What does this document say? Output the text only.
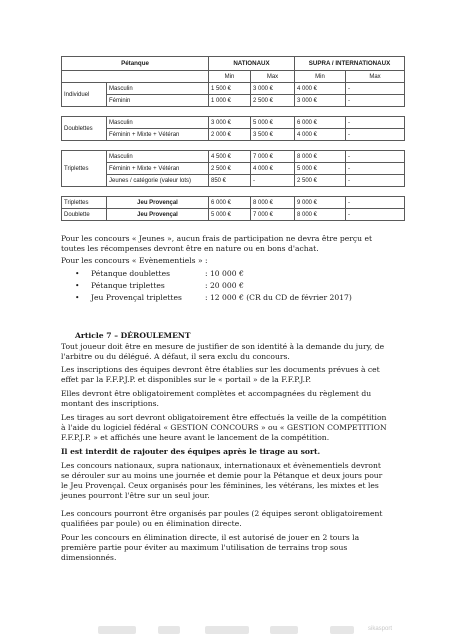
Pétanque		NATIONAUX		SUPRA / INTERNATIONAUX	
		Min	Max	Min	Max
Individuel	Masculin	1 500 €	3 000 €	4 000 €	-
	Féminin	1 000 €	2 500 €	3 000 €	-

Doublettes	Masculin	3 000 €	5 000 €	6 000 €	-
	Féminin + Mixte + Vétéran	2 000 €	3 500 €	4 000 €	-

Triplettes	Masculin	4 500 €	7 000 €	8 000 €	-
	Féminin + Mixte + Vétéran	2 500 €	4 000 €	5 000 €	-
	Jeunes / catégorie (valeur lots)	850 €	-	2 500 €	-

Triplettes	Jeu Provençal	6 000 €	8 000 €	9 000 €	-
Doublette	Jeu Provençal	5 000 €	7 000 €	8 000 €	-

Pour les concours « Jeunes », aucun frais de participation ne devra être perçu et toutes les récompenses devront être en nature ou en bons d'achat.

Pour les concours « Evènementiels » :

• Pétanque doublettes	: 10 000 €
• Pétanque triplettes	: 20 000 €
• Jeu Provençal triplettes	: 12 000 € (CR du CD de février 2017)
Article 7 – DÉROULEMENT

Tout joueur doit être en mesure de justifier de son identité à la demande du jury, de l'arbitre ou du délégué. A défaut, il sera exclu du concours.

Les inscriptions des équipes devront être établies sur les documents prévues à cet effet par la F.F.P.J.P. et disponibles sur le « portail » de la F.F.P.J.P.

Elles devront être obligatoirement complètes et accompagnées du règlement du montant des inscriptions.

Les tirages au sort devront obligatoirement être effectués la veille de la compétition à l'aide du logiciel fédéral « GESTION CONCOURS » ou « GESTION COMPETITION F.F.P.J.P. » et affichés une heure avant le lancement de la compétition.

Il est interdit de rajouter des équipes après le tirage au sort.

Les concours nationaux, supra nationaux, internationaux et évènementiels devront se dérouler sur au moins une journée et demie pour la Pétanque et deux jours pour le Jeu Provençal. Ceux organisés pour les féminines, les vétérans, les mixtes et les jeunes pourront l'être sur un seul jour.

Les concours pourront être organisés par poules (2 équipes seront obligatoirement qualifiées par poule) ou en élimination directe.

Pour les concours en élimination directe, il est autorisé de jouer en 2 tours la première partie pour éviter au maximum l'utilisation de terrains trop sous dimensionnés.

sikasport
